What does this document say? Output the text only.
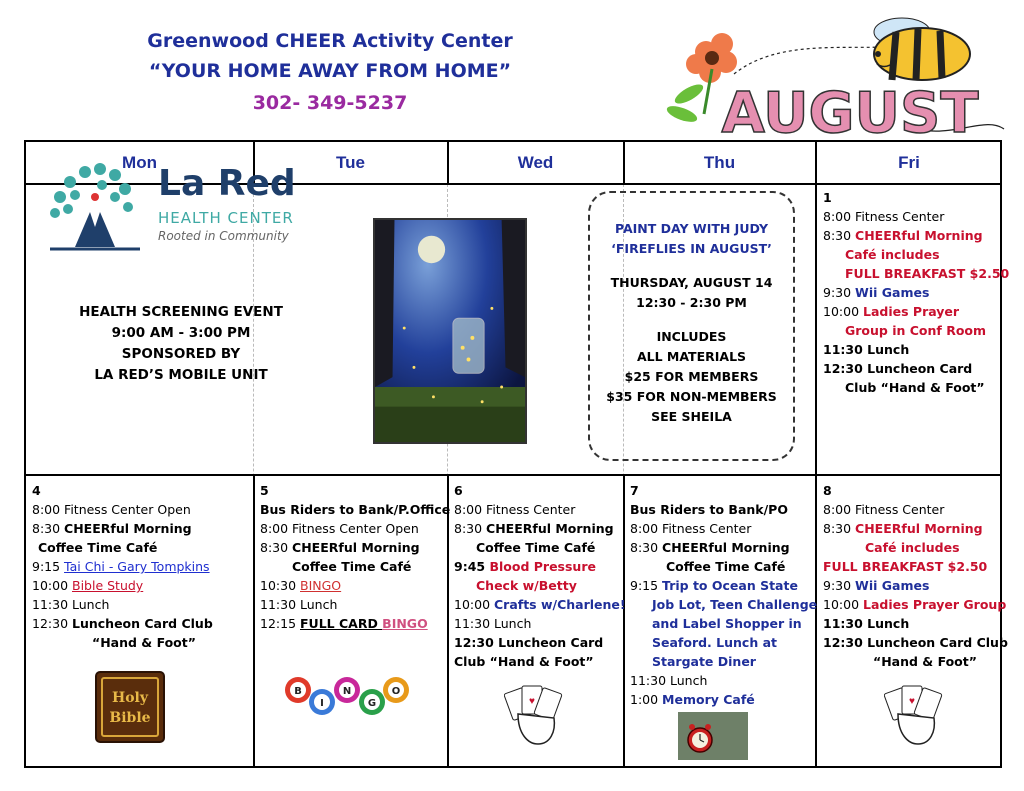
Greenwood CHEER Activity Center
“YOUR HOME AWAY FROM HOME”
302- 349-5237	AUGUST
Mon	Tue	Wed	Thu	Fri
La Red
HEALTH CENTER
Rooted in Community
HEALTH SCREENING EVENT
9:00 AM - 3:00 PM
SPONSORED BY
LA RED’S MOBILE UNIT
PAINT DAY WITH JUDY
‘FIREFLIES IN AUGUST’
THURSDAY, AUGUST 14
12:30 - 2:30 PM
INCLUDES
ALL MATERIALS
$25 FOR MEMBERS
$35 FOR NON-MEMBERS
SEE SHEILA
1
8:00 Fitness Center
8:30 CHEERful Morning
Café includes
FULL BREAKFAST $2.50
9:30 Wii Games
10:00 Ladies Prayer
Group in Conf Room
11:30 Lunch
12:30 Luncheon Card
Club “Hand & Foot”
4
8:00 Fitness Center Open
8:30 CHEERful Morning
Coffee Time Café
9:15 Tai Chi - Gary Tompkins
10:00 Bible Study
11:30 Lunch
12:30 Luncheon Card Club
“Hand & Foot”
Holy
Bible
5
Bus Riders to Bank/P.Office
8:00 Fitness Center Open
8:30 CHEERful Morning
Coffee Time Café
10:30 BINGO
11:30 Lunch
12:15 FULL CARD BINGO
B
I
N
G
O
6
8:00 Fitness Center
8:30 CHEERful Morning
Coffee Time Café
9:45 Blood Pressure
Check w/Betty
10:00 Crafts w/Charlene!
11:30 Lunch
12:30 Luncheon Card
Club “Hand & Foot”
♥
7
Bus Riders to Bank/PO
8:00 Fitness Center
8:30 CHEERful Morning
Coffee Time Café
9:15 Trip to Ocean State
Job Lot, Teen Challenge
and Label Shopper in
Seaford. Lunch at
Stargate Diner
11:30 Lunch
1:00 Memory Café
8
8:00 Fitness Center
8:30 CHEERful Morning
Café includes
FULL BREAKFAST $2.50
9:30 Wii Games
10:00 Ladies Prayer Group
11:30 Lunch
12:30 Luncheon Card Club
“Hand & Foot”
♥
